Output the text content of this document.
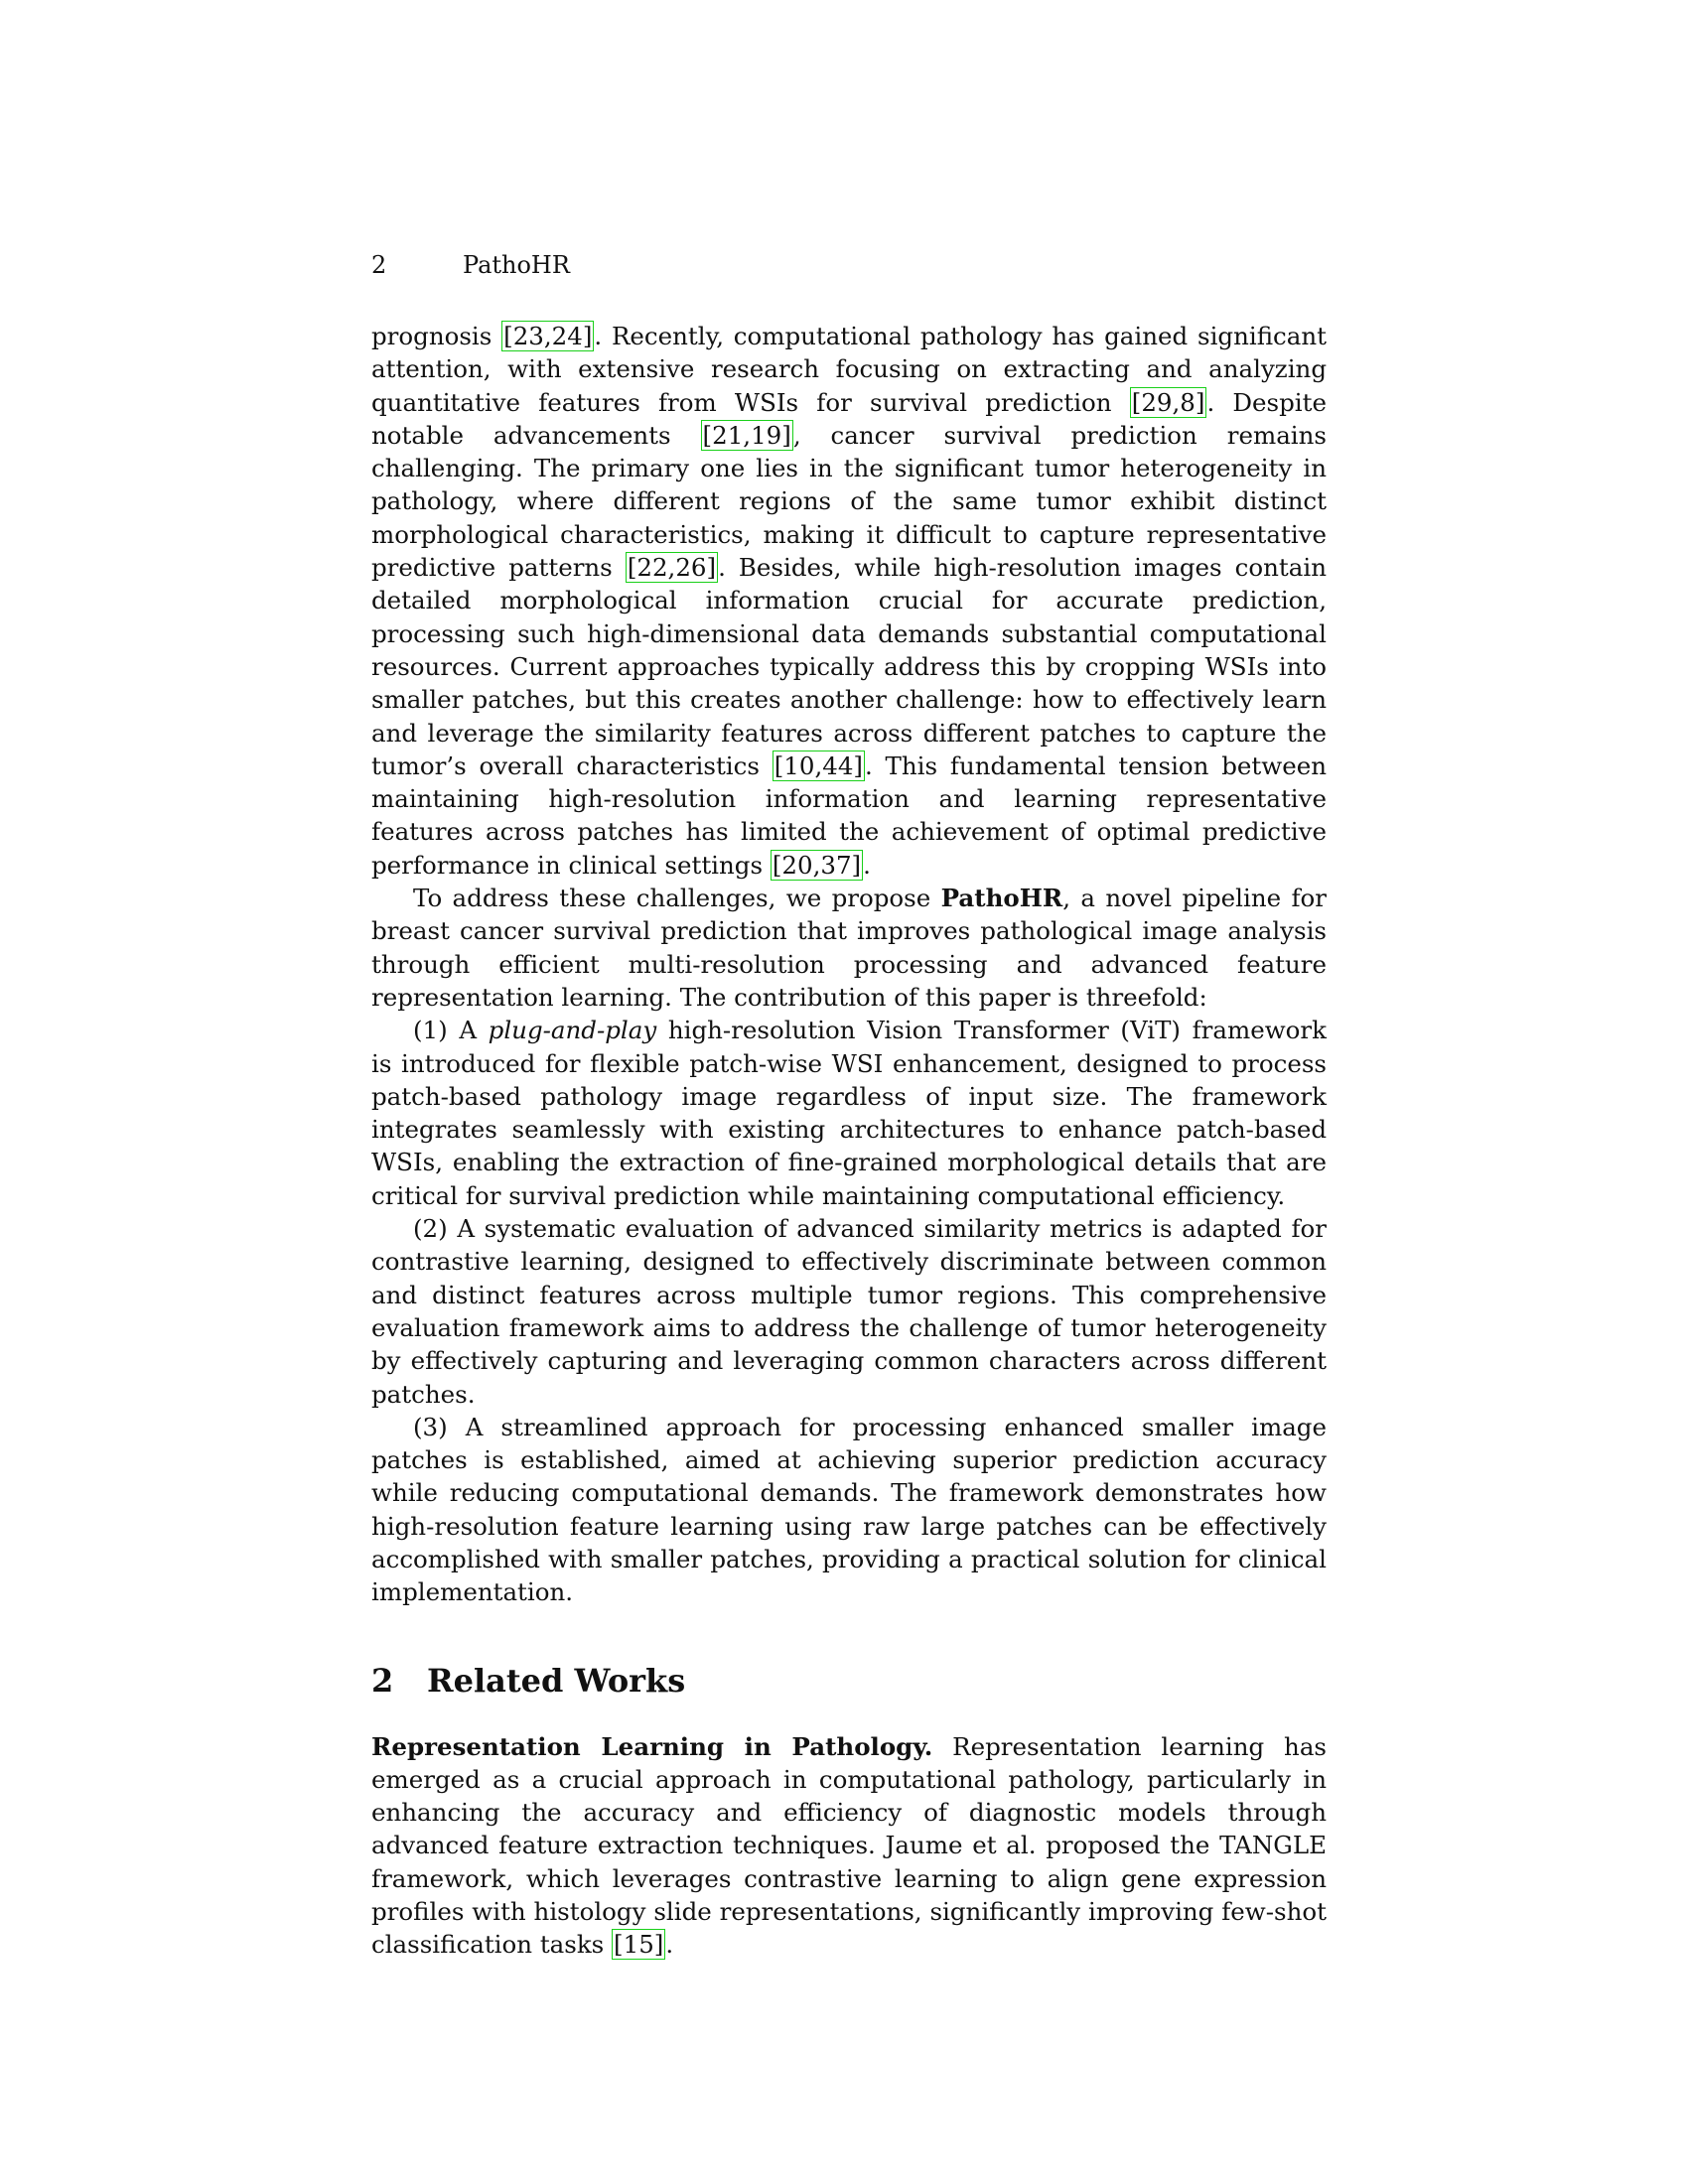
2	PathoHR

prognosis [23,24]. Recently, computational pathology has gained significant attention, with extensive research focusing on extracting and analyzing quantitative features from WSIs for survival prediction [29,8]. Despite notable advancements [21,19], cancer survival prediction remains challenging. The primary one lies in the significant tumor heterogeneity in pathology, where different regions of the same tumor exhibit distinct morphological characteristics, making it difficult to capture representative predictive patterns [22,26]. Besides, while high-resolution images contain detailed morphological information crucial for accurate prediction, processing such high-dimensional data demands substantial computational resources. Current approaches typically address this by cropping WSIs into smaller patches, but this creates another challenge: how to effectively learn and leverage the similarity features across different patches to capture the tumor’s overall characteristics [10,44]. This fundamental tension between maintaining high-resolution information and learning representative features across patches has limited the achievement of optimal predictive performance in clinical settings [20,37].

To address these challenges, we propose PathoHR, a novel pipeline for breast cancer survival prediction that improves pathological image analysis through efficient multi-resolution processing and advanced feature representation learning. The contribution of this paper is threefold:

(1) A plug-and-play high-resolution Vision Transformer (ViT) framework is introduced for flexible patch-wise WSI enhancement, designed to process patch-based pathology image regardless of input size. The framework integrates seamlessly with existing architectures to enhance patch-based WSIs, enabling the extraction of fine-grained morphological details that are critical for survival prediction while maintaining computational efficiency.

(2) A systematic evaluation of advanced similarity metrics is adapted for contrastive learning, designed to effectively discriminate between common and distinct features across multiple tumor regions. This comprehensive evaluation framework aims to address the challenge of tumor heterogeneity by effectively capturing and leveraging common characters across different patches.

(3) A streamlined approach for processing enhanced smaller image patches is established, aimed at achieving superior prediction accuracy while reducing computational demands. The framework demonstrates how high-resolution feature learning using raw large patches can be effectively accomplished with smaller patches, providing a practical solution for clinical implementation.

2 Related Works

Representation Learning in Pathology. Representation learning has emerged as a crucial approach in computational pathology, particularly in enhancing the accuracy and efficiency of diagnostic models through advanced feature extraction techniques. Jaume et al. proposed the TANGLE framework, which leverages contrastive learning to align gene expression profiles with histology slide representations, significantly improving few-shot classification tasks [15].
